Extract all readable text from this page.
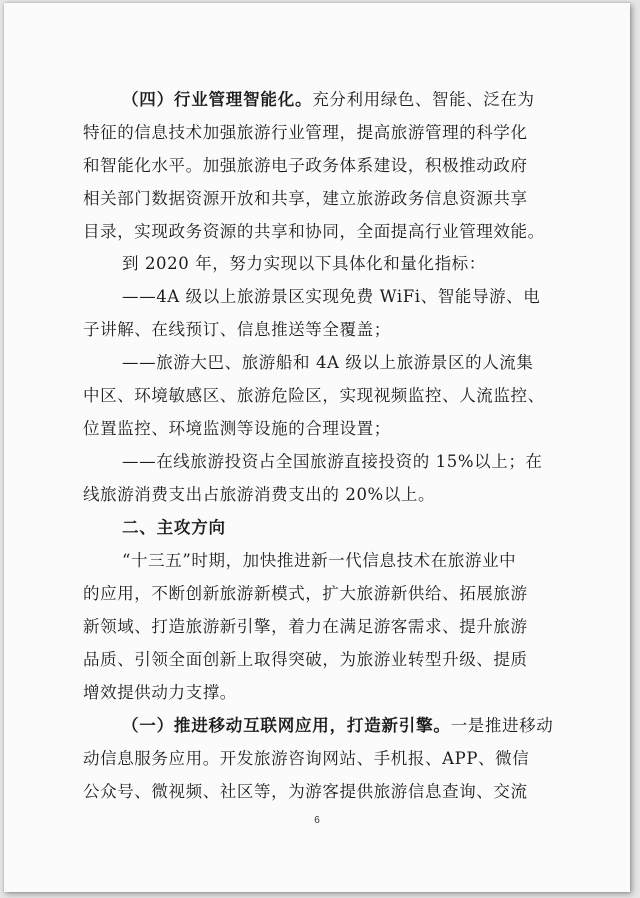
（四）行业管理智能化。充分利用绿色、智能、泛在为
特征的信息技术加强旅游行业管理，提高旅游管理的科学化
和智能化水平。加强旅游电子政务体系建设，积极推动政府
相关部门数据资源开放和共享，建立旅游政务信息资源共享
目录，实现政务资源的共享和协同，全面提高行业管理效能。
到 2020 年，努力实现以下具体化和量化指标：
——4A 级以上旅游景区实现免费 WiFi、智能导游、电
子讲解、在线预订、信息推送等全覆盖；
——旅游大巴、旅游船和 4A 级以上旅游景区的人流集
中区、环境敏感区、旅游危险区，实现视频监控、人流监控、
位置监控、环境监测等设施的合理设置；
——在线旅游投资占全国旅游直接投资的 15%以上；在
线旅游消费支出占旅游消费支出的 20%以上。
二、主攻方向
“十三五”时期，加快推进新一代信息技术在旅游业中
的应用，不断创新旅游新模式，扩大旅游新供给、拓展旅游
新领域、打造旅游新引擎，着力在满足游客需求、提升旅游
品质、引领全面创新上取得突破，为旅游业转型升级、提质
增效提供动力支撑。
（一）推进移动互联网应用，打造新引擎。一是推进移动
动信息服务应用。开发旅游咨询网站、手机报、APP、微信
公众号、微视频、社区等，为游客提供旅游信息查询、交流
6
